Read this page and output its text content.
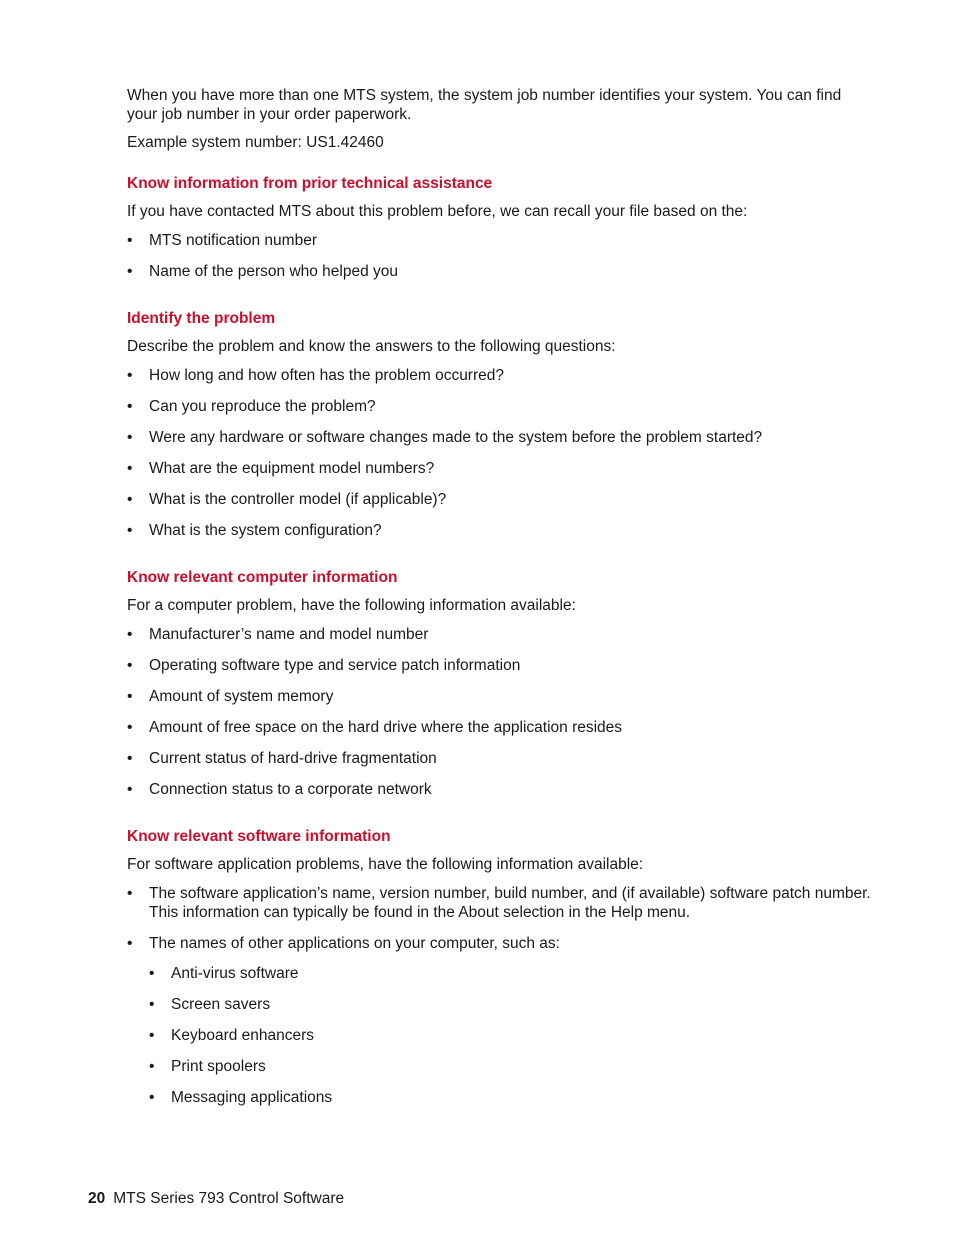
When you have more than one MTS system, the system job number identifies your system. You can find your job number in your order paperwork.

Example system number: US1.42460

Know information from prior technical assistance

If you have contacted MTS about this problem before, we can recall your file based on the:

• MTS notification number
• Name of the person who helped you
Identify the problem

Describe the problem and know the answers to the following questions:

• How long and how often has the problem occurred?
• Can you reproduce the problem?
• Were any hardware or software changes made to the system before the problem started?
• What are the equipment model numbers?
• What is the controller model (if applicable)?
• What is the system configuration?
Know relevant computer information

For a computer problem, have the following information available:

• Manufacturer’s name and model number
• Operating software type and service patch information
• Amount of system memory
• Amount of free space on the hard drive where the application resides
• Current status of hard-drive fragmentation
• Connection status to a corporate network
Know relevant software information

For software application problems, have the following information available:

• The software application’s name, version number, build number, and (if available) software patch number. This information can typically be found in the About selection in the Help menu.
• The names of other applications on your computer, such as:
• Anti-virus software
• Screen savers
• Keyboard enhancers
• Print spoolers
• Messaging applications
20 MTS Series 793 Control Software
